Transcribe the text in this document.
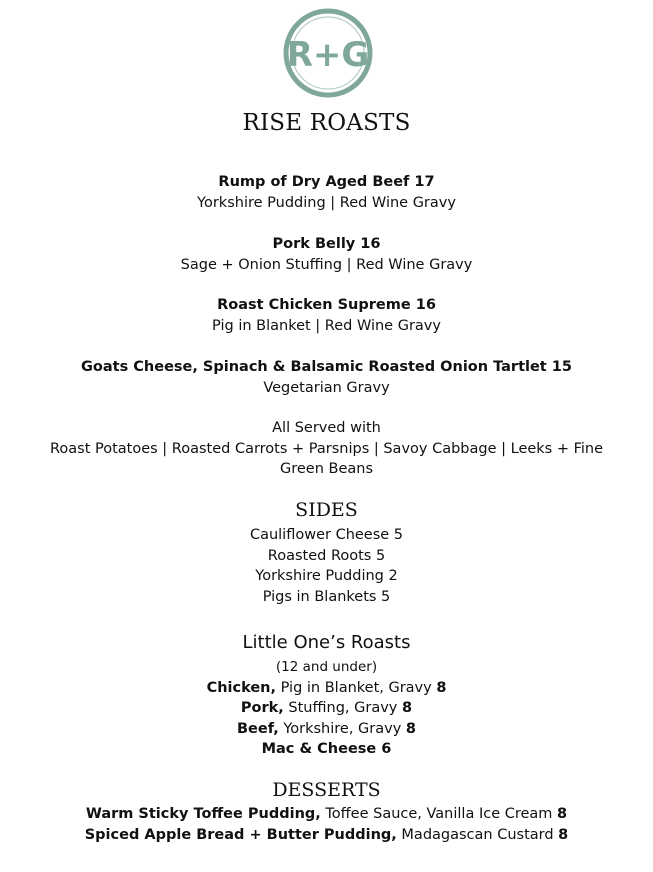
R+G
RISE ROASTS
Rump of Dry Aged Beef 17
Yorkshire Pudding | Red Wine Gravy
Pork Belly 16
Sage + Onion Stuffing | Red Wine Gravy
Roast Chicken Supreme 16
Pig in Blanket | Red Wine Gravy
Goats Cheese, Spinach & Balsamic Roasted Onion Tartlet 15
Vegetarian Gravy
All Served with
Roast Potatoes | Roasted Carrots + Parsnips | Savoy Cabbage | Leeks + Fine
Green Beans
SIDES
Cauliflower Cheese 5
Roasted Roots 5
Yorkshire Pudding 2
Pigs in Blankets 5
Little One’s Roasts
(12 and under)
Chicken, Pig in Blanket, Gravy 8
Pork, Stuffing, Gravy 8
Beef, Yorkshire, Gravy 8
Mac & Cheese 6
DESSERTS
Warm Sticky Toffee Pudding, Toffee Sauce, Vanilla Ice Cream 8
Spiced Apple Bread + Butter Pudding, Madagascan Custard 8
